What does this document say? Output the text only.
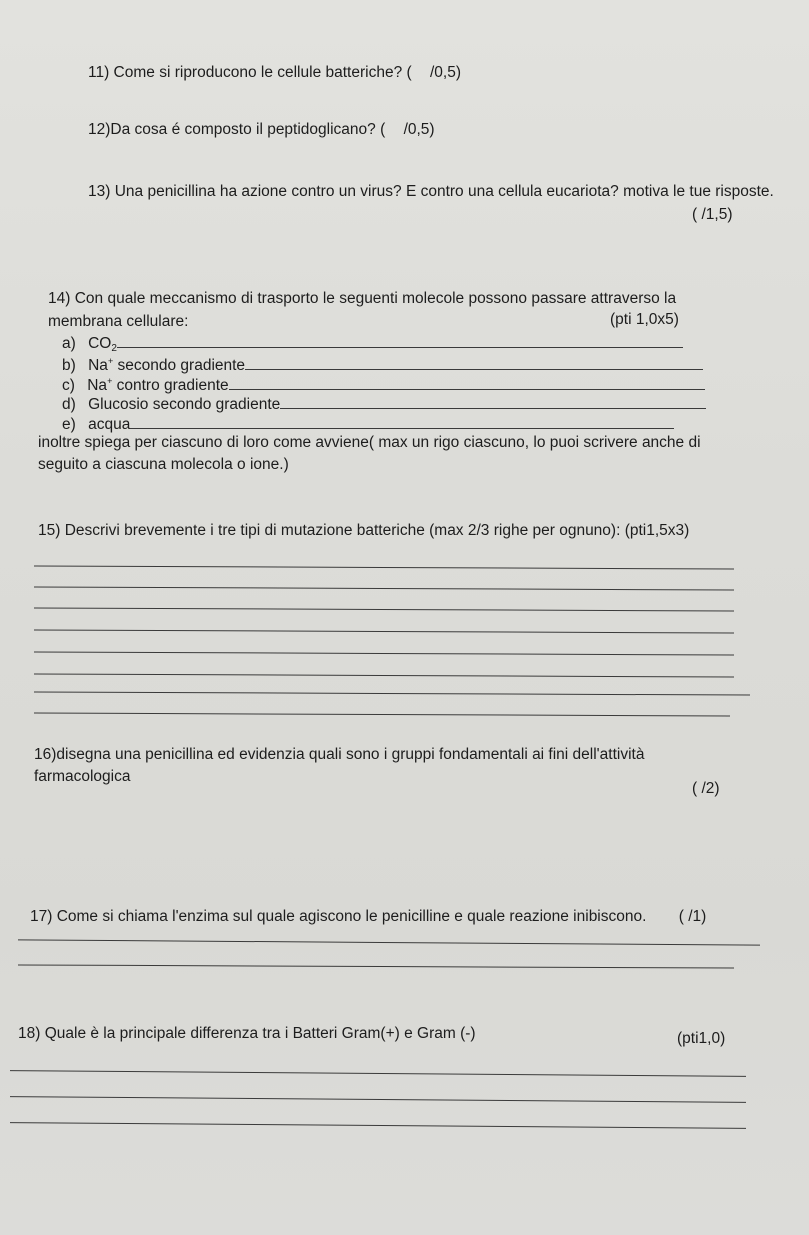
11) Come si riproducono le cellule batteriche? ( /0,5)
12)Da cosa é composto il peptidoglicano? ( /0,5)
13) Una penicillina ha azione contro un virus? E contro una cellula eucariota? motiva le tue risposte.
( /1,5)
14) Con quale meccanismo di trasporto le seguenti molecole possono passare attraverso la
membrana cellulare:	(pti 1,0x5)
a) $CO_2$
b) Na+ secondo gradiente
c) Na+ contro gradiente
d) Glucosio secondo gradiente
e) acqua
inoltre spiega per ciascuno di loro come avviene( max un rigo ciascuno, lo puoi scrivere anche di
seguito a ciascuna molecola o ione.)
15) Descrivi brevemente i tre tipi di mutazione batteriche (max 2/3 righe per ognuno): (pti1,5x3)
16)disegna una penicillina ed evidenzia quali sono i gruppi fondamentali ai fini dell'attività
farmacologica
( /2)
17) Come si chiama l'enzima sul quale agiscono le penicilline e quale reazione inibiscono. ( /1)
18) Quale è la principale differenza tra i Batteri Gram(+) e Gram (-)	(pti1,0)
